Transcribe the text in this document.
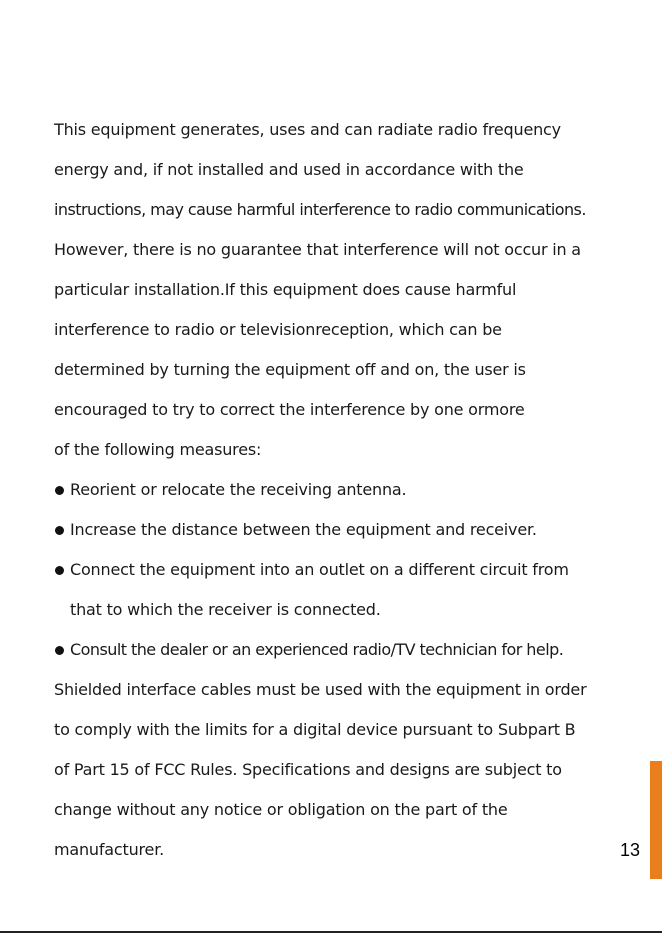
This equipment generates, uses and can radiate radio frequency
energy and, if not installed and used in accordance with the
instructions, may cause harmful interference to radio communications.
However, there is no guarantee that interference will not occur in a
particular installation.If this equipment does cause harmful
interference to radio or televisionreception, which can be
determined by turning the equipment off and on, the user is
encouraged to try to correct the interference by one ormore
of the following measures:
Reorient or relocate the receiving antenna.
Increase the distance between the equipment and receiver.
Connect the equipment into an outlet on a different circuit from
that to which the receiver is connected.
Consult the dealer or an experienced radio/TV technician for help.
Shielded interface cables must be used with the equipment in order
to comply with the limits for a digital device pursuant to Subpart B
of Part 15 of FCC Rules. Specifications and designs are subject to
change without any notice or obligation on the part of the
manufacturer.	13
